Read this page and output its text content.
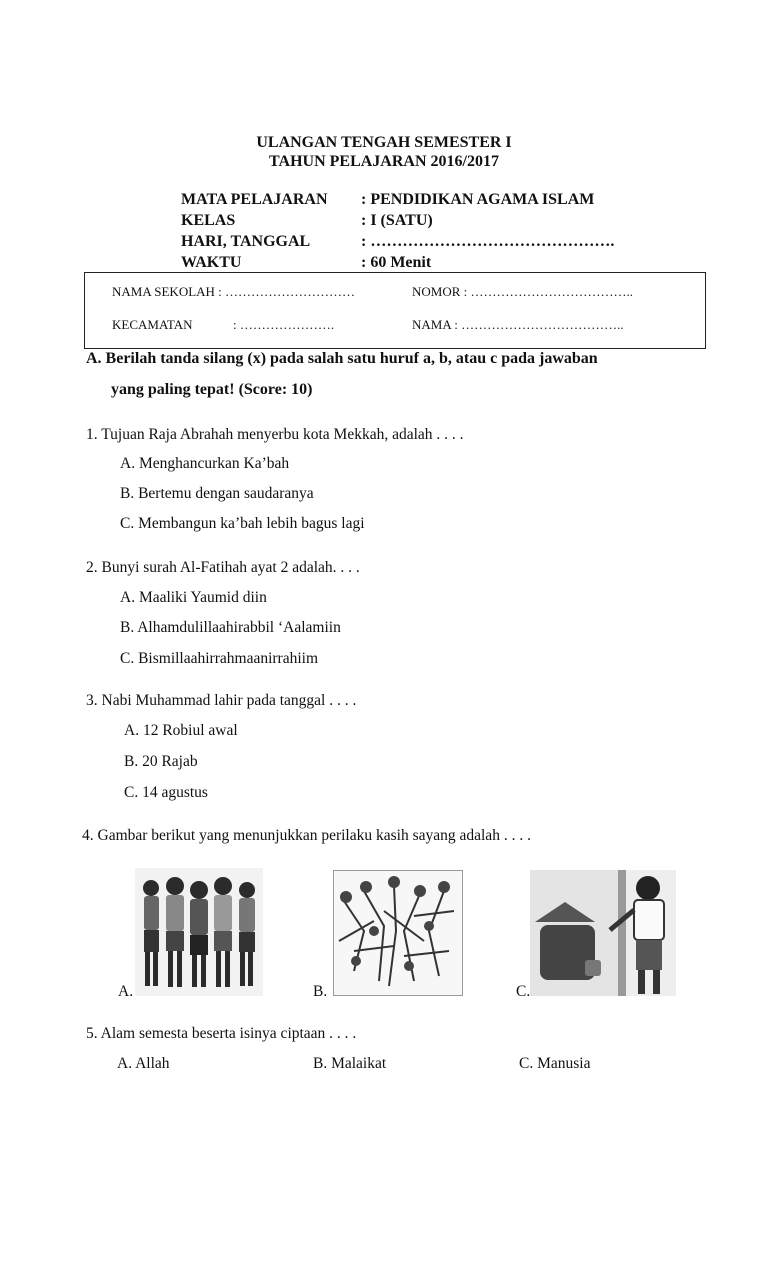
ULANGAN TENGAH SEMESTER I
TAHUN PELAJARAN 2016/2017
MATA PELAJARAN : PENDIDIKAN AGAMA ISLAM
KELAS	: I (SATU)
HARI, TANGGAL	: ……………………………………….
WAKTU	: 60 Menit
NAMA SEKOLAH : …………………………	NOMOR : ………………………………..
KECAMATAN	: ………………….	NAMA : ………………………………..
A. Berilah tanda silang (x) pada salah satu huruf a, b, atau c pada jawaban
yang paling tepat! (Score: 10)
1. Tujuan Raja Abrahah menyerbu kota Mekkah, adalah . . . .
A. Menghancurkan Ka’bah
B. Bertemu dengan saudaranya
C. Membangun ka’bah lebih bagus lagi
2. Bunyi surah Al-Fatihah ayat 2 adalah. . . .
A. Maaliki Yaumid diin
B. Alhamdulillaahirabbil ‘Aalamiin
C. Bismillaahirrahmaanirrahiim
3. Nabi Muhammad lahir pada tanggal . . . .
A. 12 Robiul awal
B. 20 Rajab
C. 14 agustus
4. Gambar berikut yang menunjukkan perilaku kasih sayang adalah . . . .
A.	B.	C.
5. Alam semesta beserta isinya ciptaan . . . .
A. Allah	B. Malaikat	C. Manusia
